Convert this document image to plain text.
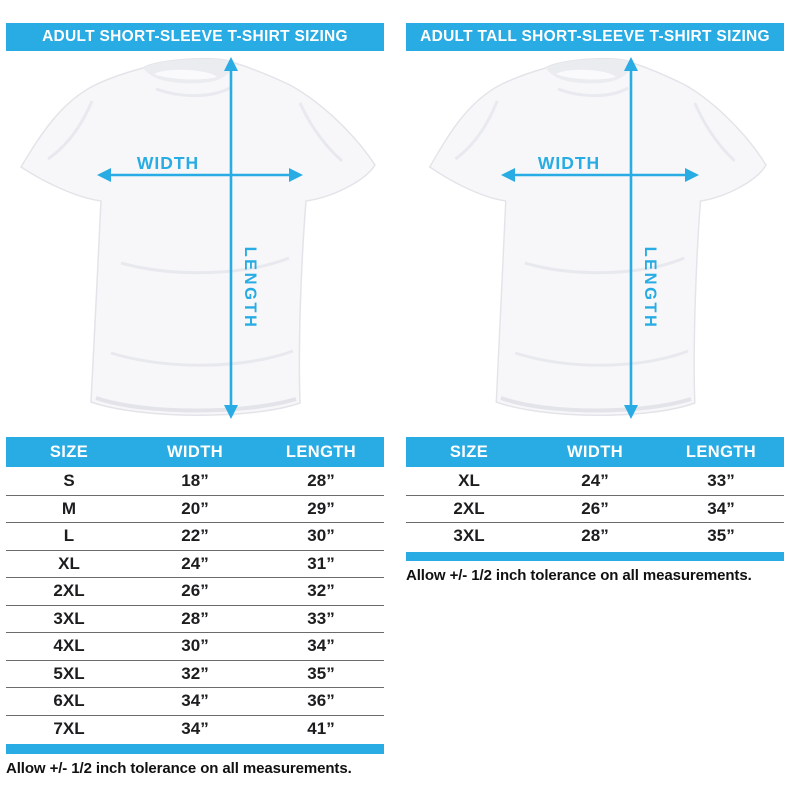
ADULT SHORT-SLEEVE T-SHIRT SIZING
WIDTH
LENGTH
SIZE	WIDTH	LENGTH
S	18”	28”
M	20”	29”
L	22”	30”
XL	24”	31”
2XL	26”	32”
3XL	28”	33”
4XL	30”	34”
5XL	32”	35”
6XL	34”	36”
7XL	34”	41”
Allow +/- 1/2 inch tolerance on all measurements.
ADULT TALL SHORT-SLEEVE T-SHIRT SIZING
WIDTH
LENGTH
SIZE	WIDTH	LENGTH
XL	24”	33”
2XL	26”	34”
3XL	28”	35”
Allow +/- 1/2 inch tolerance on all measurements.
